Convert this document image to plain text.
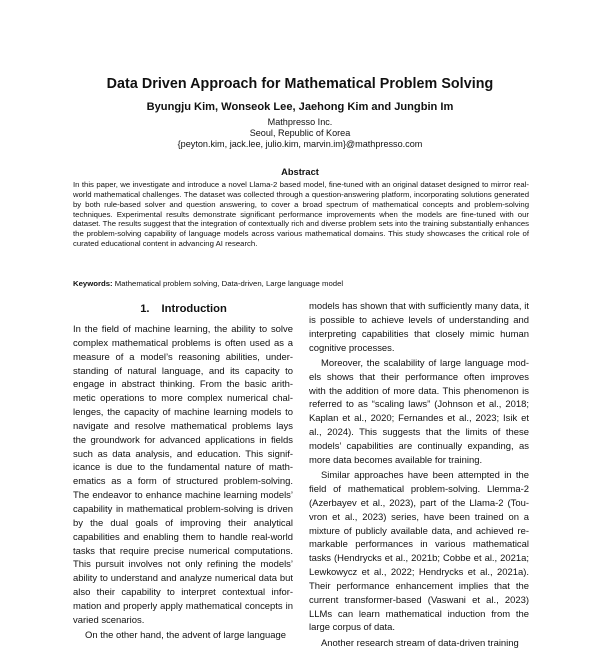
Data Driven Approach for Mathematical Problem Solving
Byungju Kim, Wonseok Lee, Jaehong Kim and Jungbin Im
Mathpresso Inc.
Seoul, Republic of Korea
{peyton.kim, jack.lee, julio.kim, marvin.im}@mathpresso.com
Abstract

In this paper, we investigate and introduce a novel Llama-2 based model, fine-tuned with an original dataset designed to mirror real-world mathematical challenges. The dataset was collected through a question-answering platform, incorporating solutions generated by both rule-based solver and question answering, to cover a broad spectrum of mathematical concepts and problem-solving techniques. Experimental results demonstrate significant performance improvements when the models are fine-tuned with our dataset. The results suggest that the integration of contextually rich and diverse problem sets into the training substantially enhances the problem-solving capability of language models across various mathematical domains. This study showcases the critical role of curated educational content in advancing AI research.

Keywords: Mathematical problem solving, Data-driven, Large language model

1. Introduction

In the field of machine learning, the ability to solve complex mathematical problems is often used as a measure of a model’s reasoning abilities, understanding of natural language, and its capacity to engage in abstract thinking. From the basic arithmetic operations to more complex numerical challenges, the capacity of machine learning models to navigate and resolve mathematical problems lays the groundwork for advanced applications in fields such as data analysis, and education. This significance is due to the fundamental nature of mathematics as a form of structured problem-solving. The endeavor to enhance machine learning models’ capability in mathematical problem-solving is driven by the dual goals of improving their analytical capabilities and enabling them to handle real-world tasks that require precise numerical computations. This pursuit involves not only refining the models’ ability to understand and analyze numerical data but also their capability to interpret contextual information and properly apply mathematical concepts in varied scenarios.

On the other hand, the advent of large language

models has shown that with sufficiently many data, it is possible to achieve levels of understanding and interpreting capabilities that closely mimic human cognitive processes.

Moreover, the scalability of large language models shows that their performance often improves with the addition of more data. This phenomenon is referred to as “scaling laws” (Johnson et al., 2018; Kaplan et al., 2020; Fernandes et al., 2023; Isik et al., 2024). This suggests that the limits of these models’ capabilities are continually expanding, as more data becomes available for training.

Similar approaches have been attempted in the field of mathematical problem-solving. Llemma-2 (Azerbayev et al., 2023), part of the Llama-2 (Touvron et al., 2023) series, have been trained on a mixture of publicly available data, and achieved remarkable performances in various mathematical tasks (Hendrycks et al., 2021b; Cobbe et al., 2021a; Lewkowycz et al., 2022; Hendrycks et al., 2021a). Their performance enhancement implies that the current transformer-based (Vaswani et al., 2023) LLMs can learn mathematical induction from the large corpus of data.

Another research stream of data-driven training
